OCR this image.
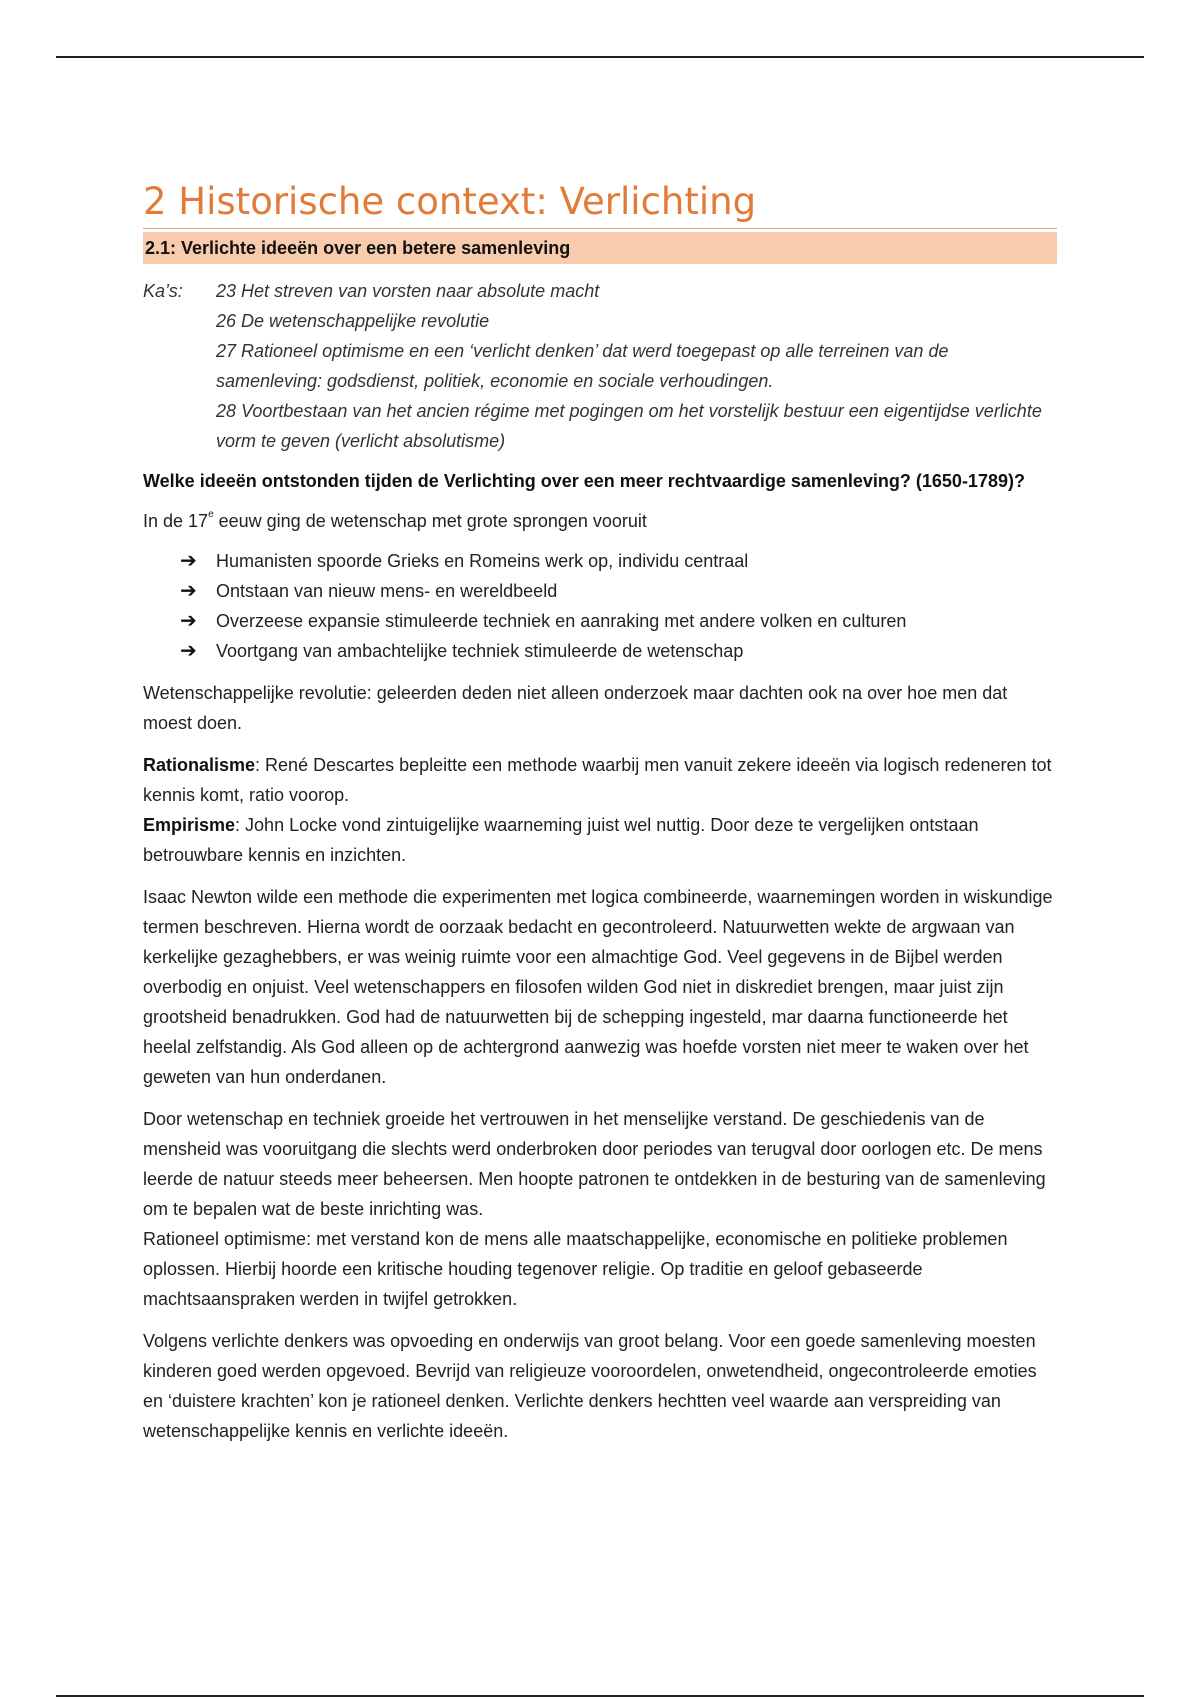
2 Historische context: Verlichting
2.1: Verlichte ideeën over een betere samenleving
Ka’s:	23 Het streven van vorsten naar absolute macht
26 De wetenschappelijke revolutie
27 Rationeel optimisme en een ‘verlicht denken’ dat werd toegepast op alle terreinen van de samenleving: godsdienst, politiek, economie en sociale verhoudingen.
28 Voortbestaan van het ancien régime met pogingen om het vorstelijk bestuur een eigentijdse verlichte vorm te geven (verlicht absolutisme)

Welke ideeën ontstonden tijden de Verlichting over een meer rechtvaardige samenleving? (1650-1789)?

In de 17e eeuw ging de wetenschap met grote sprongen vooruit

➔	Humanisten spoorde Grieks en Romeins werk op, individu centraal
➔	Ontstaan van nieuw mens- en wereldbeeld
➔	Overzeese expansie stimuleerde techniek en aanraking met andere volken en culturen
➔	Voortgang van ambachtelijke techniek stimuleerde de wetenschap

Wetenschappelijke revolutie: geleerden deden niet alleen onderzoek maar dachten ook na over hoe men dat moest doen.

Rationalisme: René Descartes bepleitte een methode waarbij men vanuit zekere ideeën via logisch redeneren tot kennis komt, ratio voorop.

Empirisme: John Locke vond zintuigelijke waarneming juist wel nuttig. Door deze te vergelijken ontstaan betrouwbare kennis en inzichten.

Isaac Newton wilde een methode die experimenten met logica combineerde, waarnemingen worden in wiskundige termen beschreven. Hierna wordt de oorzaak bedacht en gecontroleerd. Natuurwetten wekte de argwaan van kerkelijke gezaghebbers, er was weinig ruimte voor een almachtige God. Veel gegevens in de Bijbel werden overbodig en onjuist. Veel wetenschappers en filosofen wilden God niet in diskrediet brengen, maar juist zijn grootsheid benadrukken. God had de natuurwetten bij de schepping ingesteld, mar daarna functioneerde het heelal zelfstandig. Als God alleen op de achtergrond aanwezig was hoefde vorsten niet meer te waken over het geweten van hun onderdanen.

Door wetenschap en techniek groeide het vertrouwen in het menselijke verstand. De geschiedenis van de mensheid was vooruitgang die slechts werd onderbroken door periodes van terugval door oorlogen etc. De mens leerde de natuur steeds meer beheersen. Men hoopte patronen te ontdekken in de besturing van de samenleving om te bepalen wat de beste inrichting was.

Rationeel optimisme: met verstand kon de mens alle maatschappelijke, economische en politieke problemen oplossen. Hierbij hoorde een kritische houding tegenover religie. Op traditie en geloof gebaseerde machtsaanspraken werden in twijfel getrokken.

Volgens verlichte denkers was opvoeding en onderwijs van groot belang. Voor een goede samenleving moesten kinderen goed werden opgevoed. Bevrijd van religieuze vooroordelen, onwetendheid, ongecontroleerde emoties en ‘duistere krachten’ kon je rationeel denken. Verlichte denkers hechtten veel waarde aan verspreiding van wetenschappelijke kennis en verlichte ideeën.
